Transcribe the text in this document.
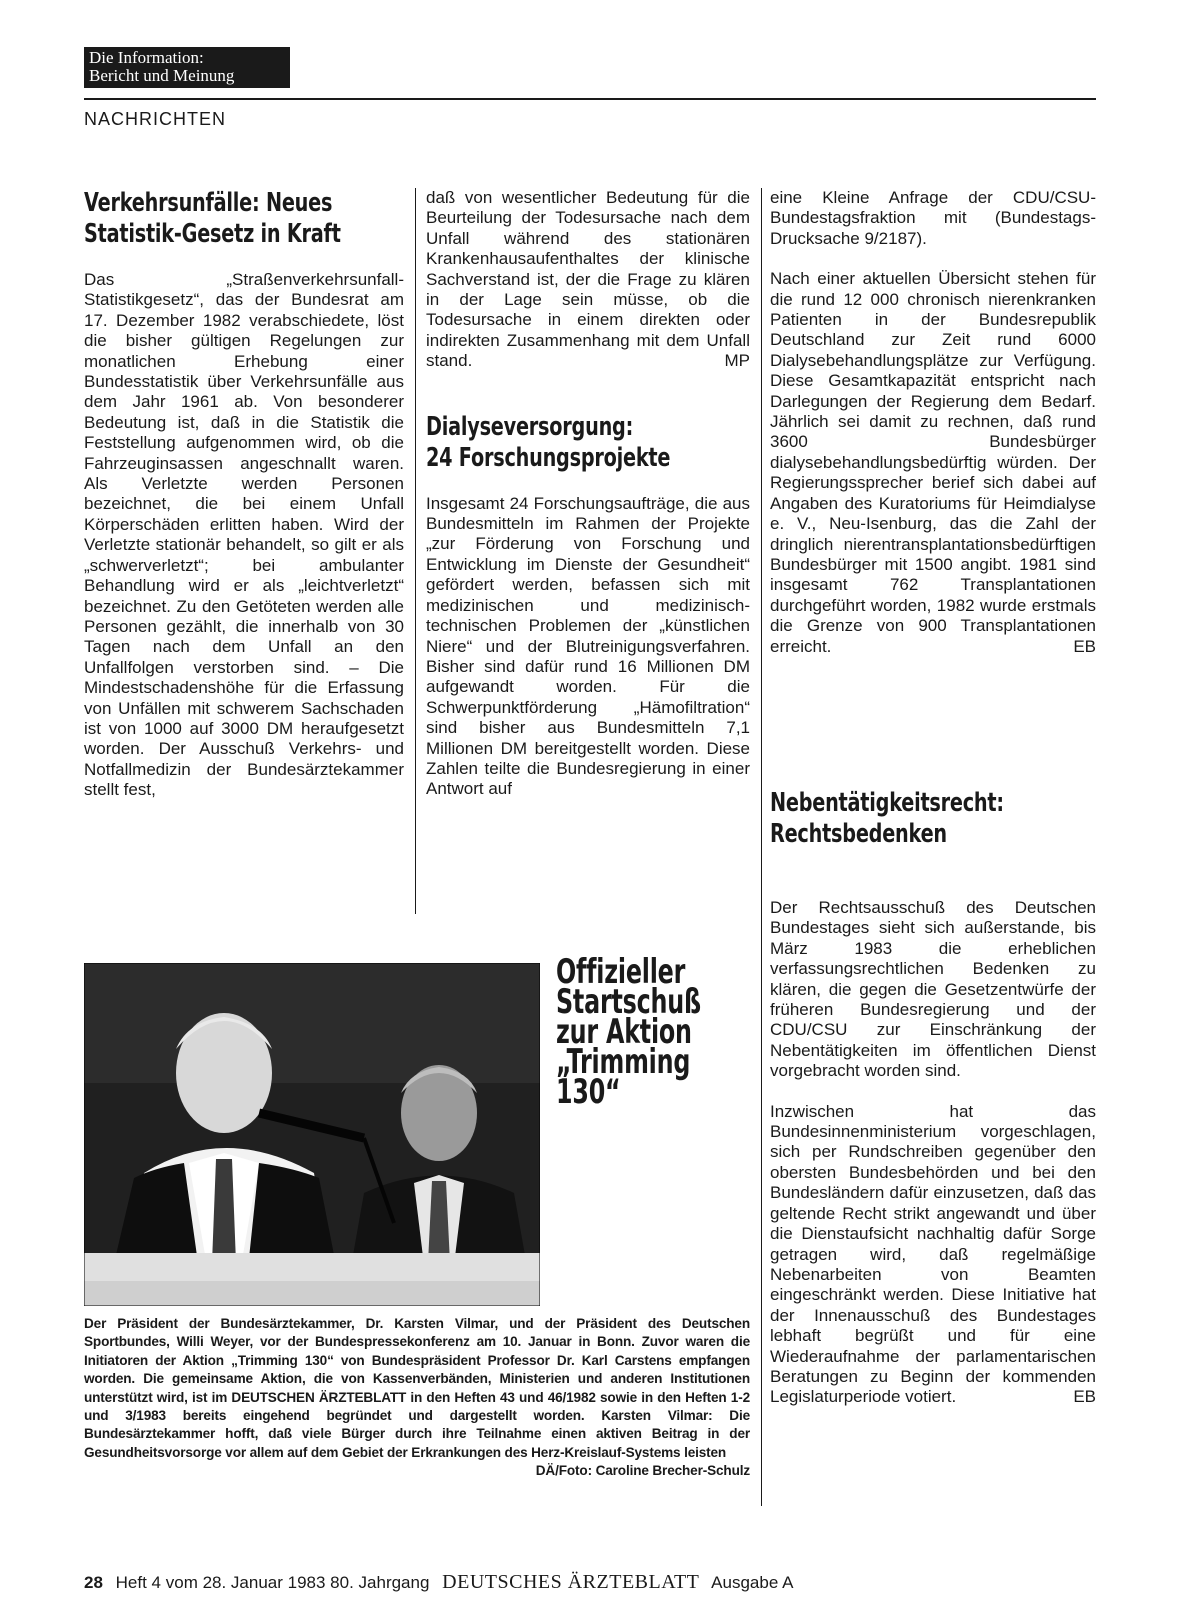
Die Information:
Bericht und Meinung
NACHRICHTEN
Verkehrsunfälle: Neues
Statistik-Gesetz in Kraft

Das „Straßenverkehrsunfall-Statistikgesetz“, das der Bundesrat am 17. Dezember 1982 verabschiedete, löst die bisher gültigen Regelungen zur monatlichen Erhebung einer Bundesstatistik über Verkehrsunfälle aus dem Jahr 1961 ab. Von besonderer Bedeutung ist, daß in die Statistik die Feststellung aufgenommen wird, ob die Fahrzeuginsassen angeschnallt waren. Als Verletzte werden Personen bezeichnet, die bei einem Unfall Körperschäden erlitten haben. Wird der Verletzte stationär behandelt, so gilt er als „schwerverletzt“; bei ambulanter Behandlung wird er als „leichtverletzt“ bezeichnet. Zu den Getöteten werden alle Personen gezählt, die innerhalb von 30 Tagen nach dem Unfall an den Unfallfolgen verstorben sind. – Die Mindestschadenshöhe für die Erfassung von Unfällen mit schwerem Sachschaden ist von 1000 auf 3000 DM heraufgesetzt worden. Der Ausschuß Verkehrs- und Notfallmedizin der Bundesärztekammer stellt fest,

daß von wesentlicher Bedeutung für die Beurteilung der Todesursache nach dem Unfall während des stationären Krankenhausaufenthaltes der klinische Sachverstand ist, der die Frage zu klären in der Lage sein müsse, ob die Todesursache in einem direkten oder indirekten Zusammenhang mit dem Unfall stand.	MP

Dialyseversorgung:
24 Forschungsprojekte

Insgesamt 24 Forschungsaufträge, die aus Bundesmitteln im Rahmen der Projekte „zur Förderung von Forschung und Entwicklung im Dienste der Gesundheit“ gefördert werden, befassen sich mit medizinischen und medizinisch-technischen Problemen der „künstlichen Niere“ und der Blutreinigungsverfahren. Bisher sind dafür rund 16 Millionen DM aufgewandt worden. Für die Schwerpunktförderung „Hämofiltration“ sind bisher aus Bundesmitteln 7,1 Millionen DM bereitgestellt worden. Diese Zahlen teilte die Bundesregierung in einer Antwort auf

eine Kleine Anfrage der CDU/CSU-Bundestagsfraktion mit (Bundestags-Drucksache 9/2187).

Nach einer aktuellen Übersicht stehen für die rund 12 000 chronisch nierenkranken Patienten in der Bundesrepublik Deutschland zur Zeit rund 6000 Dialysebehandlungsplätze zur Verfügung. Diese Gesamtkapazität entspricht nach Darlegungen der Regierung dem Bedarf. Jährlich sei damit zu rechnen, daß rund 3600 Bundesbürger dialysebehandlungsbedürftig würden. Der Regierungssprecher berief sich dabei auf Angaben des Kuratoriums für Heimdialyse e. V., Neu-Isenburg, das die Zahl der dringlich nierentransplantationsbedürftigen Bundesbürger mit 1500 angibt. 1981 sind insgesamt 762 Transplantationen durchgeführt worden, 1982 wurde erstmals die Grenze von 900 Transplantationen erreicht.	EB

Nebentätigkeitsrecht:
Rechtsbedenken

Der Rechtsausschuß des Deutschen Bundestages sieht sich außerstande, bis März 1983 die erheblichen verfassungsrechtlichen Bedenken zu klären, die gegen die Gesetzentwürfe der früheren Bundesregierung und der CDU/CSU zur Einschränkung der Nebentätigkeiten im öffentlichen Dienst vorgebracht worden sind.

Inzwischen hat das Bundesinnenministerium vorgeschlagen, sich per Rundschreiben gegenüber den obersten Bundesbehörden und bei den Bundesländern dafür einzusetzen, daß das geltende Recht strikt angewandt und über die Dienstaufsicht nachhaltig dafür Sorge getragen wird, daß regelmäßige Nebenarbeiten von Beamten eingeschränkt werden. Diese Initiative hat der Innenausschuß des Bundestages lebhaft begrüßt und für eine Wiederaufnahme der parlamentarischen Beratungen zu Beginn der kommenden Legislaturperiode votiert.	EB

Offizieller
Startschuß
zur Aktion
„Trimming 130“
Der Präsident der Bundesärztekammer, Dr. Karsten Vilmar, und der Präsident des Deutschen Sportbundes, Willi Weyer, vor der Bundespressekonferenz am 10. Januar in Bonn. Zuvor waren die Initiatoren der Aktion „Trimming 130“ von Bundespräsident Professor Dr. Karl Carstens empfangen worden. Die gemeinsame Aktion, die von Kassenverbänden, Ministerien und anderen Institutionen unterstützt wird, ist im DEUTSCHEN ÄRZTEBLATT in den Heften 43 und 46/1982 sowie in den Heften 1-2 und 3/1983 bereits eingehend begründet und dargestellt worden. Karsten Vilmar: Die Bundesärztekammer hofft, daß viele Bürger durch ihre Teilnahme einen aktiven Beitrag in der Gesundheitsvorsorge vor allem auf dem Gebiet der Erkrankungen des Herz-Kreislauf-Systems leisten
DÄ/Foto: Caroline Brecher-Schulz
28 Heft 4 vom 28. Januar 1983 80. Jahrgang DEUTSCHES ÄRZTEBLATT Ausgabe A
